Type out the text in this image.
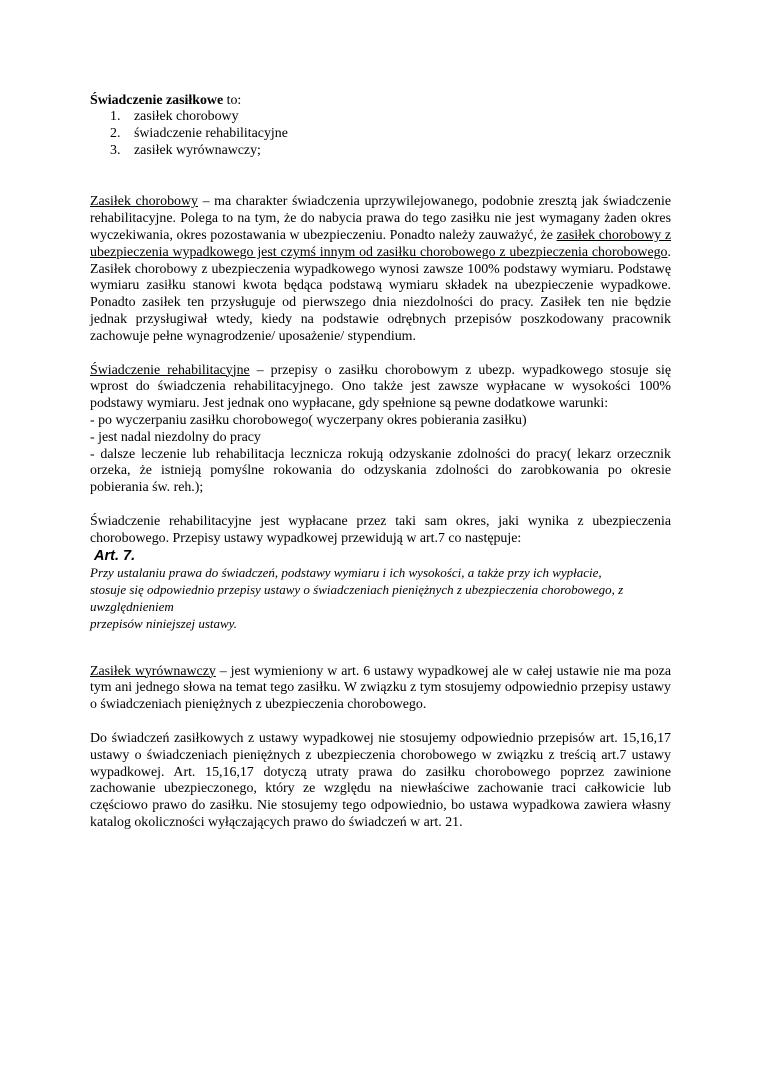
Świadczenie zasiłkowe to:

1. zasiłek chorobowy
2. świadczenie rehabilitacyjne
3. zasiłek wyrównawczy;

Zasiłek chorobowy – ma charakter świadczenia uprzywilejowanego, podobnie zresztą jak świadczenie rehabilitacyjne. Polega to na tym, że do nabycia prawa do tego zasiłku nie jest wymagany żaden okres wyczekiwania, okres pozostawania w ubezpieczeniu. Ponadto należy zauważyć, że zasiłek chorobowy z ubezpieczenia wypadkowego jest czymś innym od zasiłku chorobowego z ubezpieczenia chorobowego. Zasiłek chorobowy z ubezpieczenia wypadkowego wynosi zawsze 100% podstawy wymiaru. Podstawę wymiaru zasiłku stanowi kwota będąca podstawą wymiaru składek na ubezpieczenie wypadkowe. Ponadto zasiłek ten przysługuje od pierwszego dnia niezdolności do pracy. Zasiłek ten nie będzie jednak przysługiwał wtedy, kiedy na podstawie odrębnych przepisów poszkodowany pracownik zachowuje pełne wynagrodzenie/ uposażenie/ stypendium.

Świadczenie rehabilitacyjne – przepisy o zasiłku chorobowym z ubezp. wypadkowego stosuje się wprost do świadczenia rehabilitacyjnego. Ono także jest zawsze wypłacane w wysokości 100% podstawy wymiaru. Jest jednak ono wypłacane, gdy spełnione są pewne dodatkowe warunki:

- po wyczerpaniu zasiłku chorobowego( wyczerpany okres pobierania zasiłku)
- jest nadal niezdolny do pracy
- dalsze leczenie lub rehabilitacja lecznicza rokują odzyskanie zdolności do pracy( lekarz orzecznik orzeka, że istnieją pomyślne rokowania do odzyskania zdolności do zarobkowania po okresie pobierania św. reh.);

Świadczenie rehabilitacyjne jest wypłacane przez taki sam okres, jaki wynika z ubezpieczenia chorobowego. Przepisy ustawy wypadkowej przewidują w art.7 co następuje:

Art. 7.
Przy ustalaniu prawa do świadczeń, podstawy wymiaru i ich wysokości, a także przy ich wypłacie,
stosuje się odpowiednio przepisy ustawy o świadczeniach pieniężnych z ubezpieczenia chorobowego, z uwzględnieniem
przepisów niniejszej ustawy.

Zasiłek wyrównawczy – jest wymieniony w art. 6 ustawy wypadkowej ale w całej ustawie nie ma poza tym ani jednego słowa na temat tego zasiłku. W związku z tym stosujemy odpowiednio przepisy ustawy o świadczeniach pieniężnych z ubezpieczenia chorobowego.

Do świadczeń zasiłkowych z ustawy wypadkowej nie stosujemy odpowiednio przepisów art. 15,16,17 ustawy o świadczeniach pieniężnych z ubezpieczenia chorobowego w związku z treścią art.7 ustawy wypadkowej. Art. 15,16,17 dotyczą utraty prawa do zasiłku chorobowego poprzez zawinione zachowanie ubezpieczonego, który ze względu na niewłaściwe zachowanie traci całkowicie lub częściowo prawo do zasiłku. Nie stosujemy tego odpowiednio, bo ustawa wypadkowa zawiera własny katalog okoliczności wyłączających prawo do świadczeń w art. 21.
